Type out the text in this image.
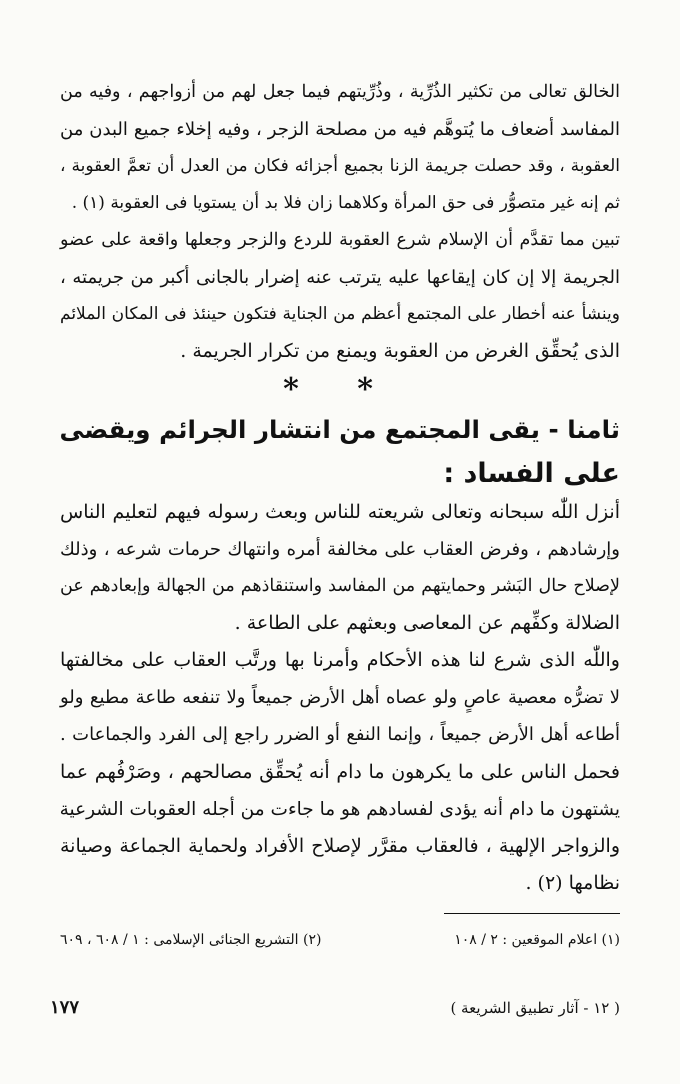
الخالق تعالى من تكثير الذُرِّية ، وذُرِّيتهم فيما جعل لهم من أزواجهم ، وفيه من
المفاسد أضعاف ما يُتوهَّم فيه من مصلحة الزجر ، وفيه إخلاء جميع البدن من
العقوبة ، وقد حصلت جريمة الزنا بجميع أجزائه فكان من العدل أن تعمَّ العقوبة ،
ثم إنه غير متصوُّر فى حق المرأة وكلاهما زان فلا بد أن يستويا فى العقوبة (١) .
تبين مما تقدَّم أن الإسلام شرع العقوبة للردع والزجر وجعلها واقعة على عضو
الجريمة إلا إن كان إيقاعها عليه يترتب عنه إضرار بالجانى أكبر من جريمته ،
وينشأ عنه أخطار على المجتمع أعظم من الجناية فتكون حينئذ فى المكان الملائم
الذى يُحقِّق الغرض من العقوبة ويمنع من تكرار الجريمة .
* *
ثامنا - يقى المجتمع من انتشار الجرائم ويقضى
على الفساد :
أنزل اللّٰه سبحانه وتعالى شريعته للناس وبعث رسوله فيهم لتعليم الناس
وإرشادهم ، وفرض العقاب على مخالفة أمره وانتهاك حرمات شرعه ، وذلك
لإصلاح حال البَشر وحمايتهم من المفاسد واستنقاذهم من الجهالة وإبعادهم عن
الضلالة وكفِّهم عن المعاصى وبعثهم على الطاعة .
واللّٰه الذى شرع لنا هذه الأحكام وأمرنا بها ورتَّب العقاب على مخالفتها
لا تضرُّه معصية عاصٍ ولو عصاه أهل الأرض جميعاً ولا تنفعه طاعة مطيع ولو
أطاعه أهل الأرض جميعاً ، وإنما النفع أو الضرر راجع إلى الفرد والجماعات .
فحمل الناس على ما يكرهون ما دام أنه يُحقِّق مصالحهم ، وصَرْفُهم عما
يشتهون ما دام أنه يؤدى لفسادهم هو ما جاءت من أجله العقوبات الشرعية
والزواجر الإلهية ، فالعقاب مقرَّر لإصلاح الأفراد ولحماية الجماعة وصيانة
نظامها (٢) .
(١) اعلام الموقعين : ٢ / ١٠٨
(٢) التشريع الجنائى الإسلامى : ١ / ٦٠٨ ، ٦٠٩
( ١٢ - آثار تطبيق الشريعة )
١٧٧
